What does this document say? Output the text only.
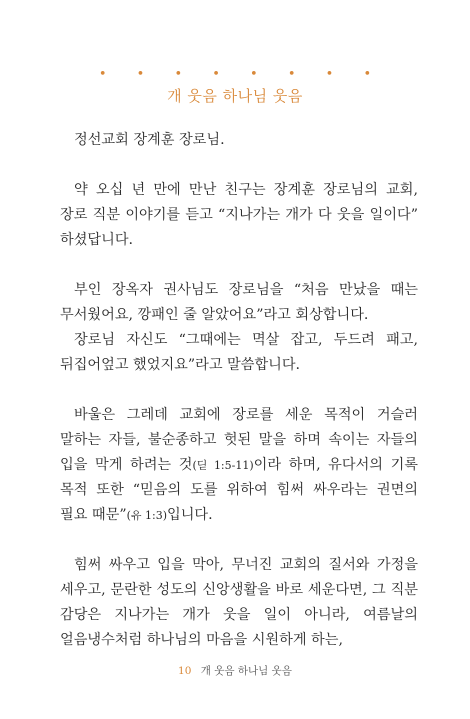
• • • • • • • •
개 웃음 하나님 웃음

정선교회 장계훈 장로님.

약 오십 년 만에 만난 친구는 장계훈 장로님의 교회, 장로 직분 이야기를 듣고 “지나가는 개가 다 웃을 일이다” 하셨답니다.

부인 장옥자 권사님도 장로님을 “처음 만났을 때는 무서웠어요, 깡패인 줄 알았어요”라고 회상합니다.

장로님 자신도 “그때에는 멱살 잡고, 두드려 패고, 뒤집어엎고 했었지요”라고 말씀합니다.

바울은 그레데 교회에 장로를 세운 목적이 거슬러 말하는 자들, 불순종하고 헛된 말을 하며 속이는 자들의 입을 막게 하려는 것(딛 1:5-11)이라 하며, 유다서의 기록 목적 또한 “믿음의 도를 위하여 힘써 싸우라는 권면의 필요 때문”(유 1:3)입니다.

힘써 싸우고 입을 막아, 무너진 교회의 질서와 가정을 세우고, 문란한 성도의 신앙생활을 바로 세운다면, 그 직분 감당은 지나가는 개가 웃을 일이 아니라, 여름날의 얼음냉수처럼 하나님의 마음을 시원하게 하는,

10 개 웃음 하나님 웃음
